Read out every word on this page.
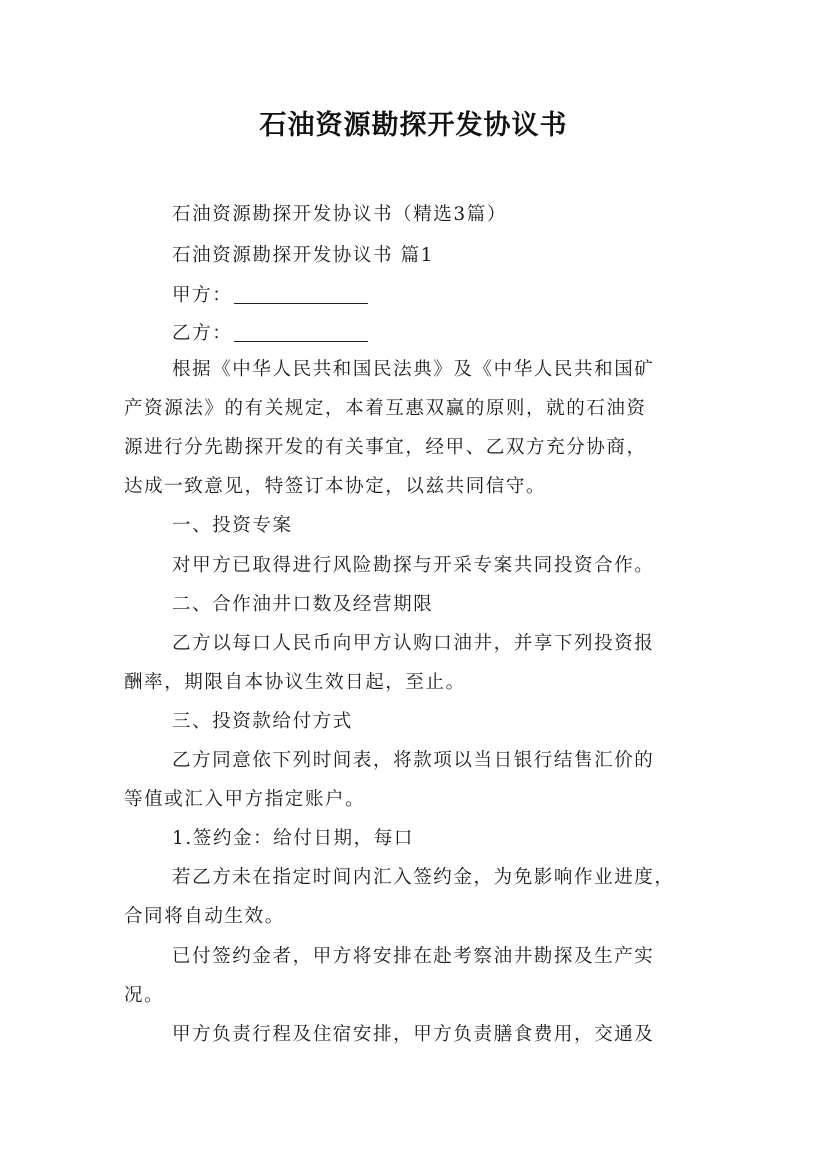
石油资源勘探开发协议书
石油资源勘探开发协议书（精选3篇）
石油资源勘探开发协议书 篇1
甲方：
乙方：
根据《中华人民共和国民法典》及《中华人民共和国矿
产资源法》的有关规定，本着互惠双赢的原则，就的石油资
源进行分先勘探开发的有关事宜，经甲、乙双方充分协商，
达成一致意见，特签订本协定，以兹共同信守。
一、投资专案
对甲方已取得进行风险勘探与开采专案共同投资合作。
二、合作油井口数及经营期限
乙方以每口人民币向甲方认购口油井，并享下列投资报
酬率，期限自本协议生效日起，至止。
三、投资款给付方式
乙方同意依下列时间表，将款项以当日银行结售汇价的
等值或汇入甲方指定账户。
1.签约金：给付日期，每口
若乙方未在指定时间内汇入签约金，为免影响作业进度，
合同将自动生效。
已付签约金者，甲方将安排在赴考察油井勘探及生产实
况。
甲方负责行程及住宿安排，甲方负责膳食费用，交通及
